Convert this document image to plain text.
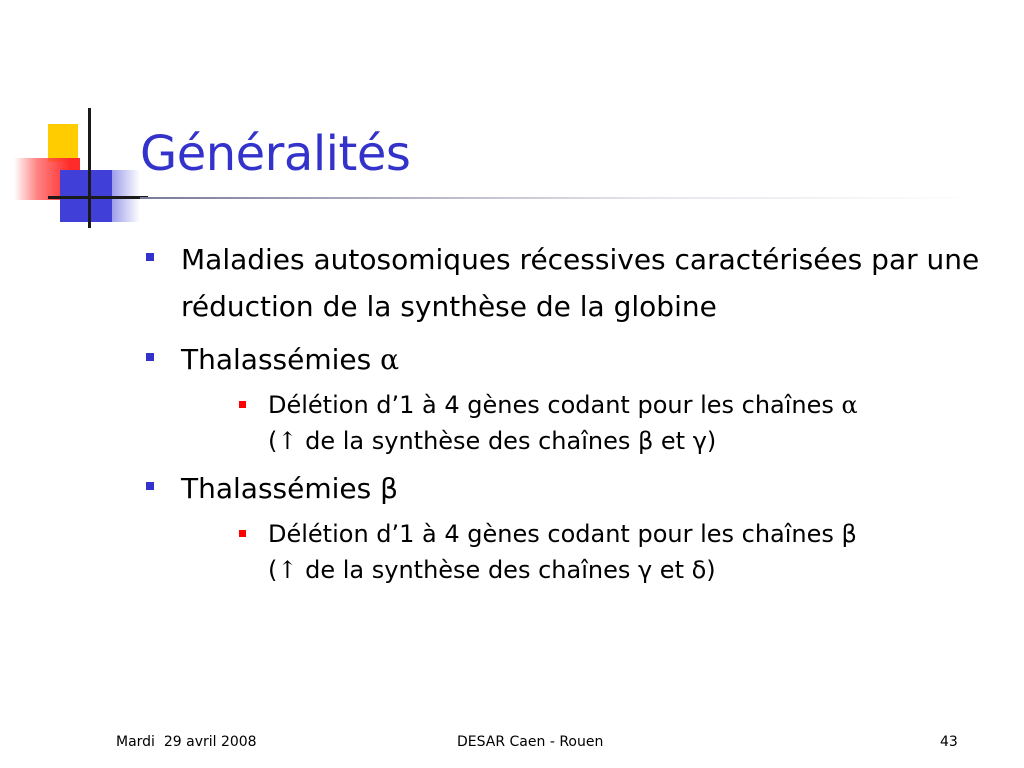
Généralités
Maladies autosomiques récessives caractérisées par une réduction de la synthèse de la globine
Thalassémies α
Délétion d’1 à 4 gènes codant pour les chaînes α
(↑ de la synthèse des chaînes β et γ)
Thalassémies β
Délétion d’1 à 4 gènes codant pour les chaînes β
(↑ de la synthèse des chaînes γ et δ)
Mardi  29 avril 2008	DESAR Caen - Rouen	43
